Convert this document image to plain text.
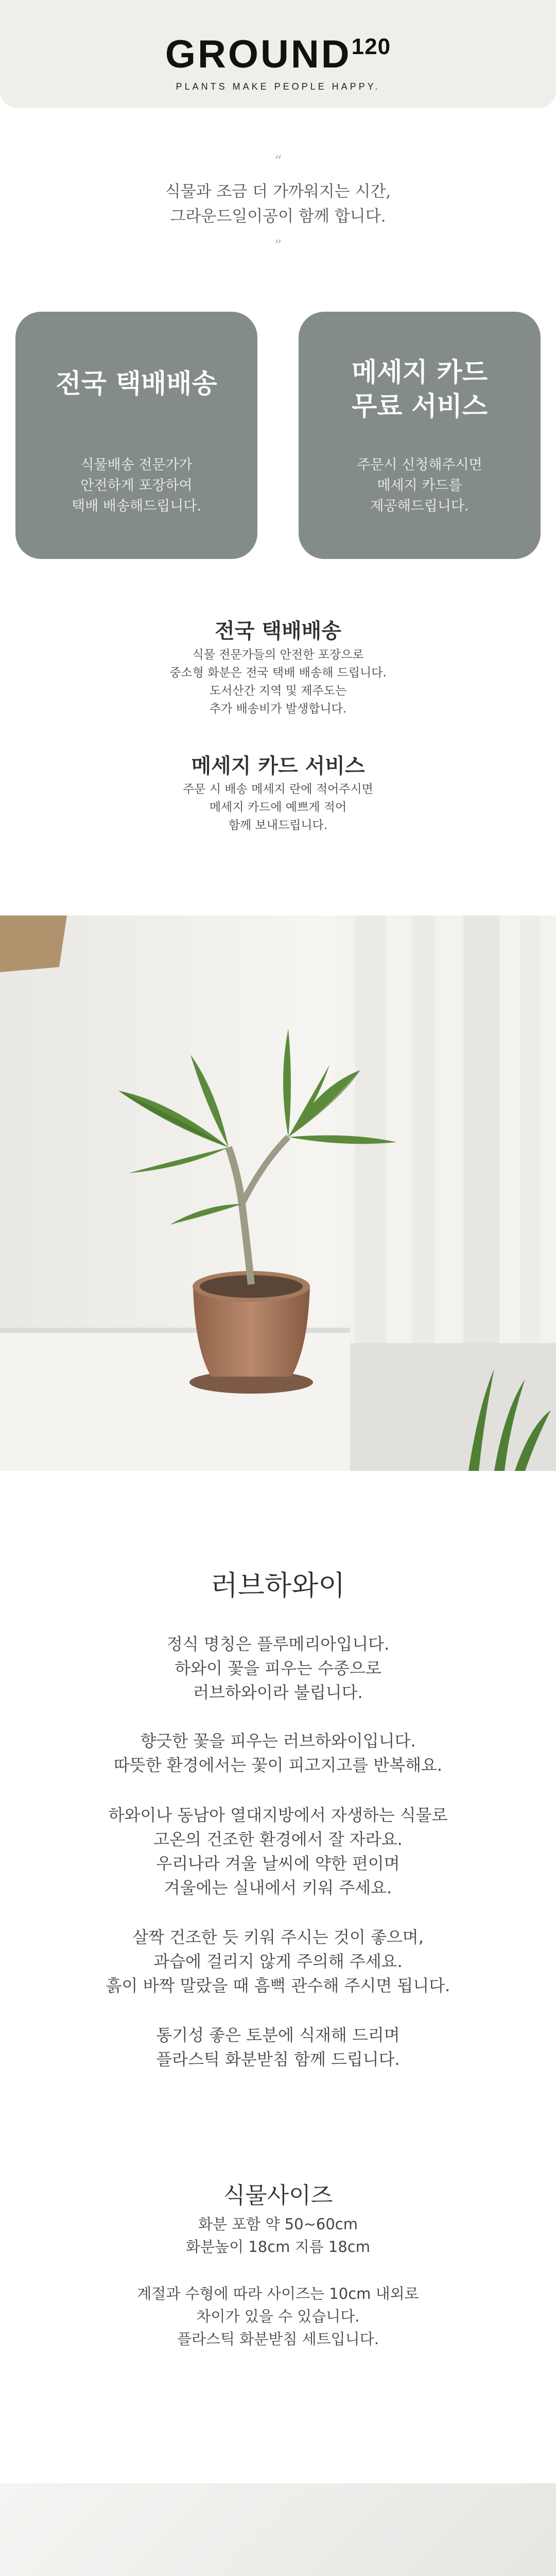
GROUND$^{120}$
PLANTS MAKE PEOPLE HAPPY.
“
식물과 조금 더 가까워지는 시간,
그라운드일이공이 함께 합니다.
”
전국 택배배송
식물배송 전문가가
안전하게 포장하여
택배 배송해드립니다.
메세지 카드
무료 서비스
주문시 신청해주시면
메세지 카드를
제공해드립니다.
전국 택배배송
식물 전문가들의 안전한 포장으로
중소형 화분은 전국 택배 배송해 드립니다.
도서산간 지역 및 제주도는
추가 배송비가 발생합니다.
메세지 카드 서비스
주문 시 배송 메세지 란에 적어주시면
메세지 카드에 예쁘게 적어
함께 보내드립니다.
러브하와이
정식 명칭은 플루메리아입니다.
하와이 꽃을 피우는 수종으로
러브하와이라 불립니다.
향긋한 꽃을 피우는 러브하와이입니다.
따뜻한 환경에서는 꽃이 피고지고를 반복해요.
하와이나 동남아 열대지방에서 자생하는 식물로
고온의 건조한 환경에서 잘 자라요.
우리나라 겨울 날씨에 약한 편이며
겨울에는 실내에서 키워 주세요.
살짝 건조한 듯 키워 주시는 것이 좋으며,
과습에 걸리지 않게 주의해 주세요.
흙이 바짝 말랐을 때 흠뻑 관수해 주시면 됩니다.
통기성 좋은 토분에 식재해 드리며
플라스틱 화분받침 함께 드립니다.
식물사이즈
화분 포함 약 50~60cm
화분높이 18cm 지름 18cm
계절과 수형에 따라 사이즈는 10cm 내외로
차이가 있을 수 있습니다.
플라스틱 화분받침 세트입니다.
